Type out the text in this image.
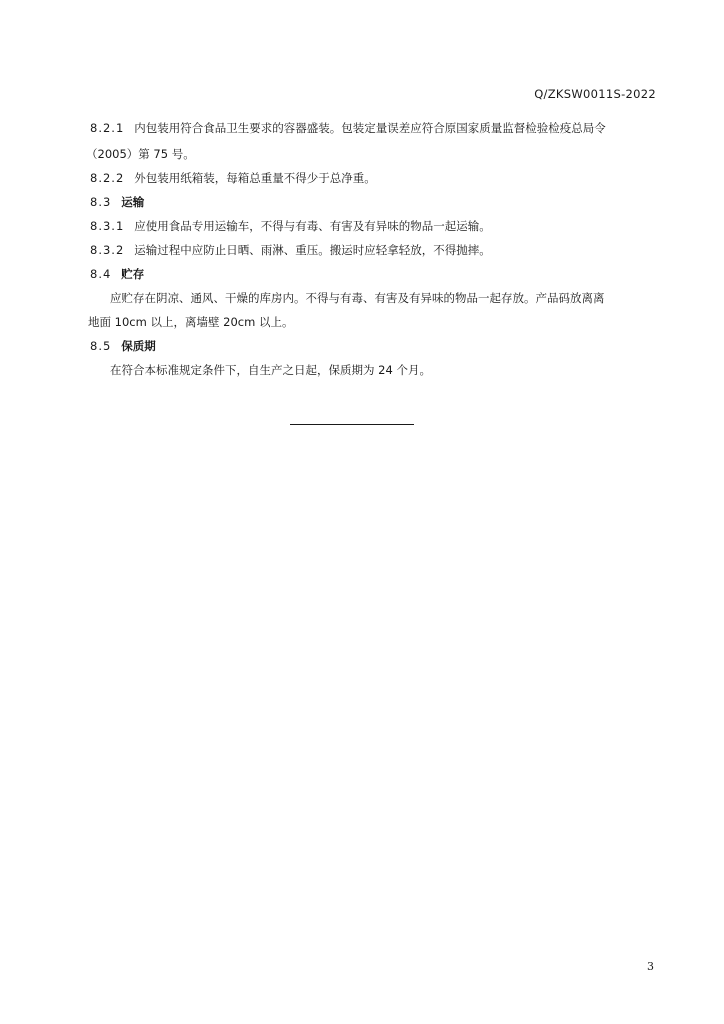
Q/ZKSW0011S-2022
8.2.1 内包装用符合食品卫生要求的容器盛装。包装定量误差应符合原国家质量监督检验检疫总局令
（2005）第 75 号。
8.2.2 外包装用纸箱装，每箱总重量不得少于总净重。
8.3 运输
8.3.1 应使用食品专用运输车，不得与有毒、有害及有异味的物品一起运输。
8.3.2 运输过程中应防止日晒、雨淋、重压。搬运时应轻拿轻放，不得抛摔。
8.4 贮存
应贮存在阴凉、通风、干燥的库房内。不得与有毒、有害及有异味的物品一起存放。产品码放离离
地面 10cm 以上，离墙壁 20cm 以上。
8.5 保质期
在符合本标准规定条件下，自生产之日起，保质期为 24 个月。
3
